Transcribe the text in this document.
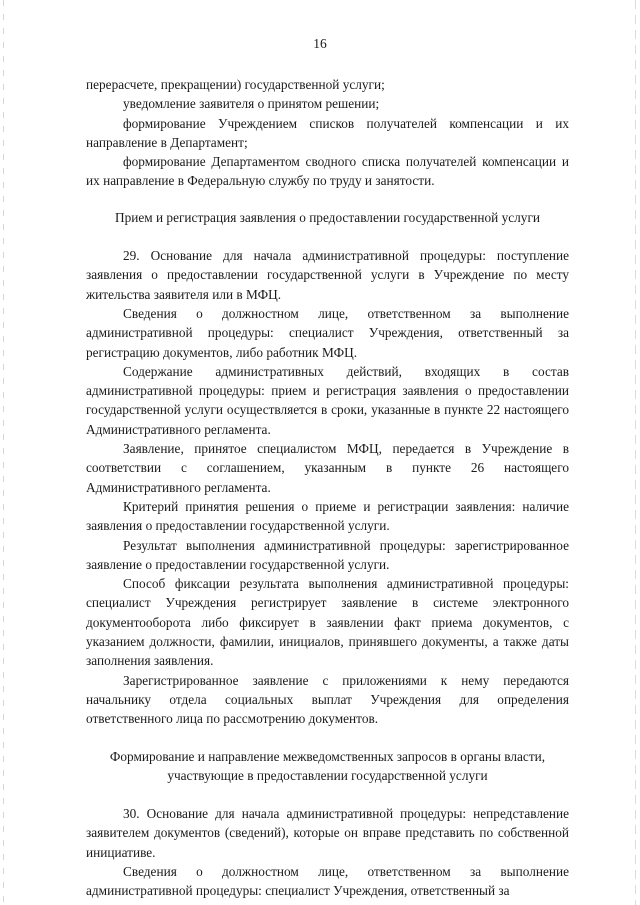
16

перерасчете, прекращении) государственной услуги;

уведомление заявителя о принятом решении;

формирование Учреждением списков получателей компенсации и их направление в Департамент;

формирование Департаментом сводного списка получателей компенсации и их направление в Федеральную службу по труду и занятости.

Прием и регистрация заявления о предоставлении государственной услуги

29. Основание для начала административной процедуры: поступление заявления о предоставлении государственной услуги в Учреждение по месту жительства заявителя или в МФЦ.

Сведения о должностном лице, ответственном за выполнение административной процедуры: специалист Учреждения, ответственный за регистрацию документов, либо работник МФЦ.

Содержание административных действий, входящих в состав административной процедуры: прием и регистрация заявления о предоставлении государственной услуги осуществляется в сроки, указанные в пункте 22 настоящего Административного регламента.

Заявление, принятое специалистом МФЦ, передается в Учреждение в соответствии с соглашением, указанным в пункте 26 настоящего Административного регламента.

Критерий принятия решения о приеме и регистрации заявления: наличие заявления о предоставлении государственной услуги.

Результат выполнения административной процедуры: зарегистрированное заявление о предоставлении государственной услуги.

Способ фиксации результата выполнения административной процедуры: специалист Учреждения регистрирует заявление в системе электронного документооборота либо фиксирует в заявлении факт приема документов, с указанием должности, фамилии, инициалов, принявшего документы, а также даты заполнения заявления.

Зарегистрированное заявление с приложениями к нему передаются начальнику отдела социальных выплат Учреждения для определения ответственного лица по рассмотрению документов.

Формирование и направление межведомственных запросов в органы власти, участвующие в предоставлении государственной услуги

30. Основание для начала административной процедуры: непредставление заявителем документов (сведений), которые он вправе представить по собственной инициативе.

Сведения о должностном лице, ответственном за выполнение административной процедуры: специалист Учреждения, ответственный за
